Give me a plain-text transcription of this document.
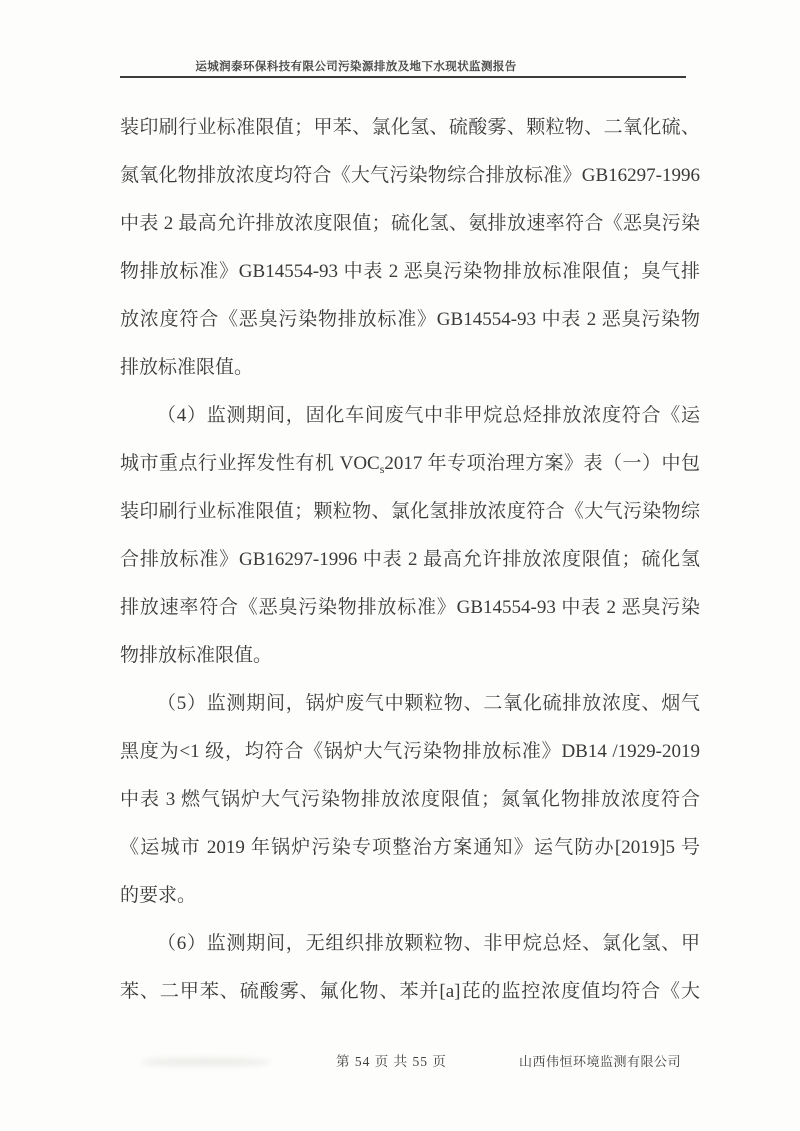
运城润泰环保科技有限公司污染源排放及地下水现状监测报告
装印刷行业标准限值；甲苯、氯化氢、硫酸雾、颗粒物、二氧化硫、
氮氧化物排放浓度均符合《大气污染物综合排放标准》GB16297-1996
中表 2 最高允许排放浓度限值；硫化氢、氨排放速率符合《恶臭污染
物排放标准》GB14554-93 中表 2 恶臭污染物排放标准限值；臭气排
放浓度符合《恶臭污染物排放标准》GB14554-93 中表 2 恶臭污染物
排放标准限值。
（4）监测期间，固化车间废气中非甲烷总烃排放浓度符合《运
城市重点行业挥发性有机 $VOC_s2017$ 年专项治理方案》表（一）中包
装印刷行业标准限值；颗粒物、氯化氢排放浓度符合《大气污染物综
合排放标准》GB16297-1996 中表 2 最高允许排放浓度限值；硫化氢
排放速率符合《恶臭污染物排放标准》GB14554-93 中表 2 恶臭污染
物排放标准限值。
（5）监测期间，锅炉废气中颗粒物、二氧化硫排放浓度、烟气
黑度为<1 级，均符合《锅炉大气污染物排放标准》DB14 /1929-2019
中表 3 燃气锅炉大气污染物排放浓度限值；氮氧化物排放浓度符合
《运城市 2019 年锅炉污染专项整治方案通知》运气防办[2019]5 号
的要求。
（6）监测期间，无组织排放颗粒物、非甲烷总烃、氯化氢、甲
苯、二甲苯、硫酸雾、氟化物、苯并[a]芘的监控浓度值均符合《大
第 54 页 共 55 页	山西伟恒环境监测有限公司
